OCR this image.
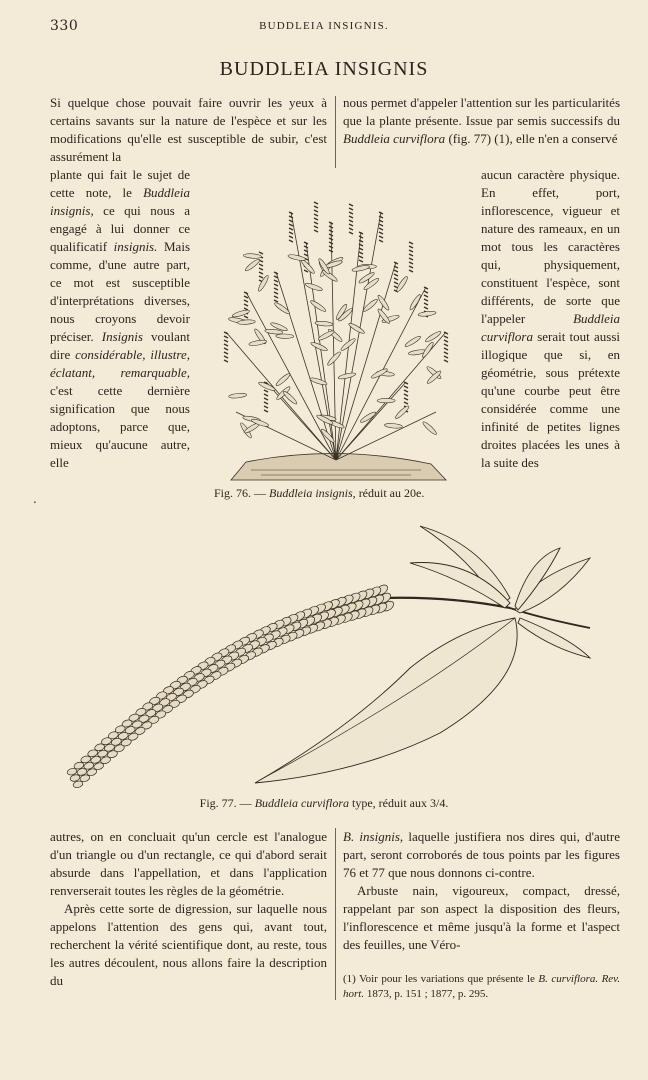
330	BUDDLEIA INSIGNIS.
BUDDLEIA INSIGNIS
Si quelque chose pouvait faire ouvrir les yeux à certains savants sur la nature de l'espèce et sur les modifications qu'elle est susceptible de subir, c'est assurément la
plante qui fait le sujet de cette note, le Buddleia insignis, ce qui nous a engagé à lui donner ce qualificatif insignis. Mais comme, d'une autre part, ce mot est susceptible d'interprétations diverses, nous croyons devoir préciser. Insignis voulant dire considérable, illustre, éclatant, remarquable, c'est cette dernière signification que nous adoptons, parce que, mieux qu'aucune autre, elle
.
nous permet d'appeler l'attention sur les particularités que la plante présente. Issue par semis successifs du Buddleia curviflora (fig. 77) (1), elle n'en a conservé
aucun caractère physique. En effet, port, inflorescence, vigueur et nature des rameaux, en un mot tous les caractères qui, physiquement, constituent l'espèce, sont différents, de sorte que l'appeler	Buddleia curviflora serait tout aussi illogique que si, en géométrie, sous prétexte qu'une courbe peut être considérée comme une infinité de petites lignes droites placées les unes à la suite des
Fig. 76. — Buddleia insignis, réduit au 20e.
Fig. 77. — Buddleia curviflora type, réduit aux 3/4.
autres, on en concluait qu'un cercle est l'analogue d'un triangle ou d'un rectangle, ce qui d'abord serait absurde dans l'appellation, et dans l'application renverserait toutes les règles de la géométrie.
Après cette sorte de digression, sur laquelle nous appelons l'attention des gens qui, avant tout, recherchent la vérité scientifique dont, au reste, tous les autres découlent, nous allons faire la description du
B. insignis, laquelle justifiera nos dires qui, d'autre part, seront corroborés de tous points par les figures 76 et 77 que nous donnons ci-contre.
Arbuste nain, vigoureux, compact, dressé, rappelant par son aspect la disposition des fleurs, l'inflorescence et même jusqu'à la forme et l'aspect des feuilles, une Véro-
(1) Voir pour les variations que présente le B. curviflora. Rev. hort. 1873, p. 151 ; 1877, p. 295.
